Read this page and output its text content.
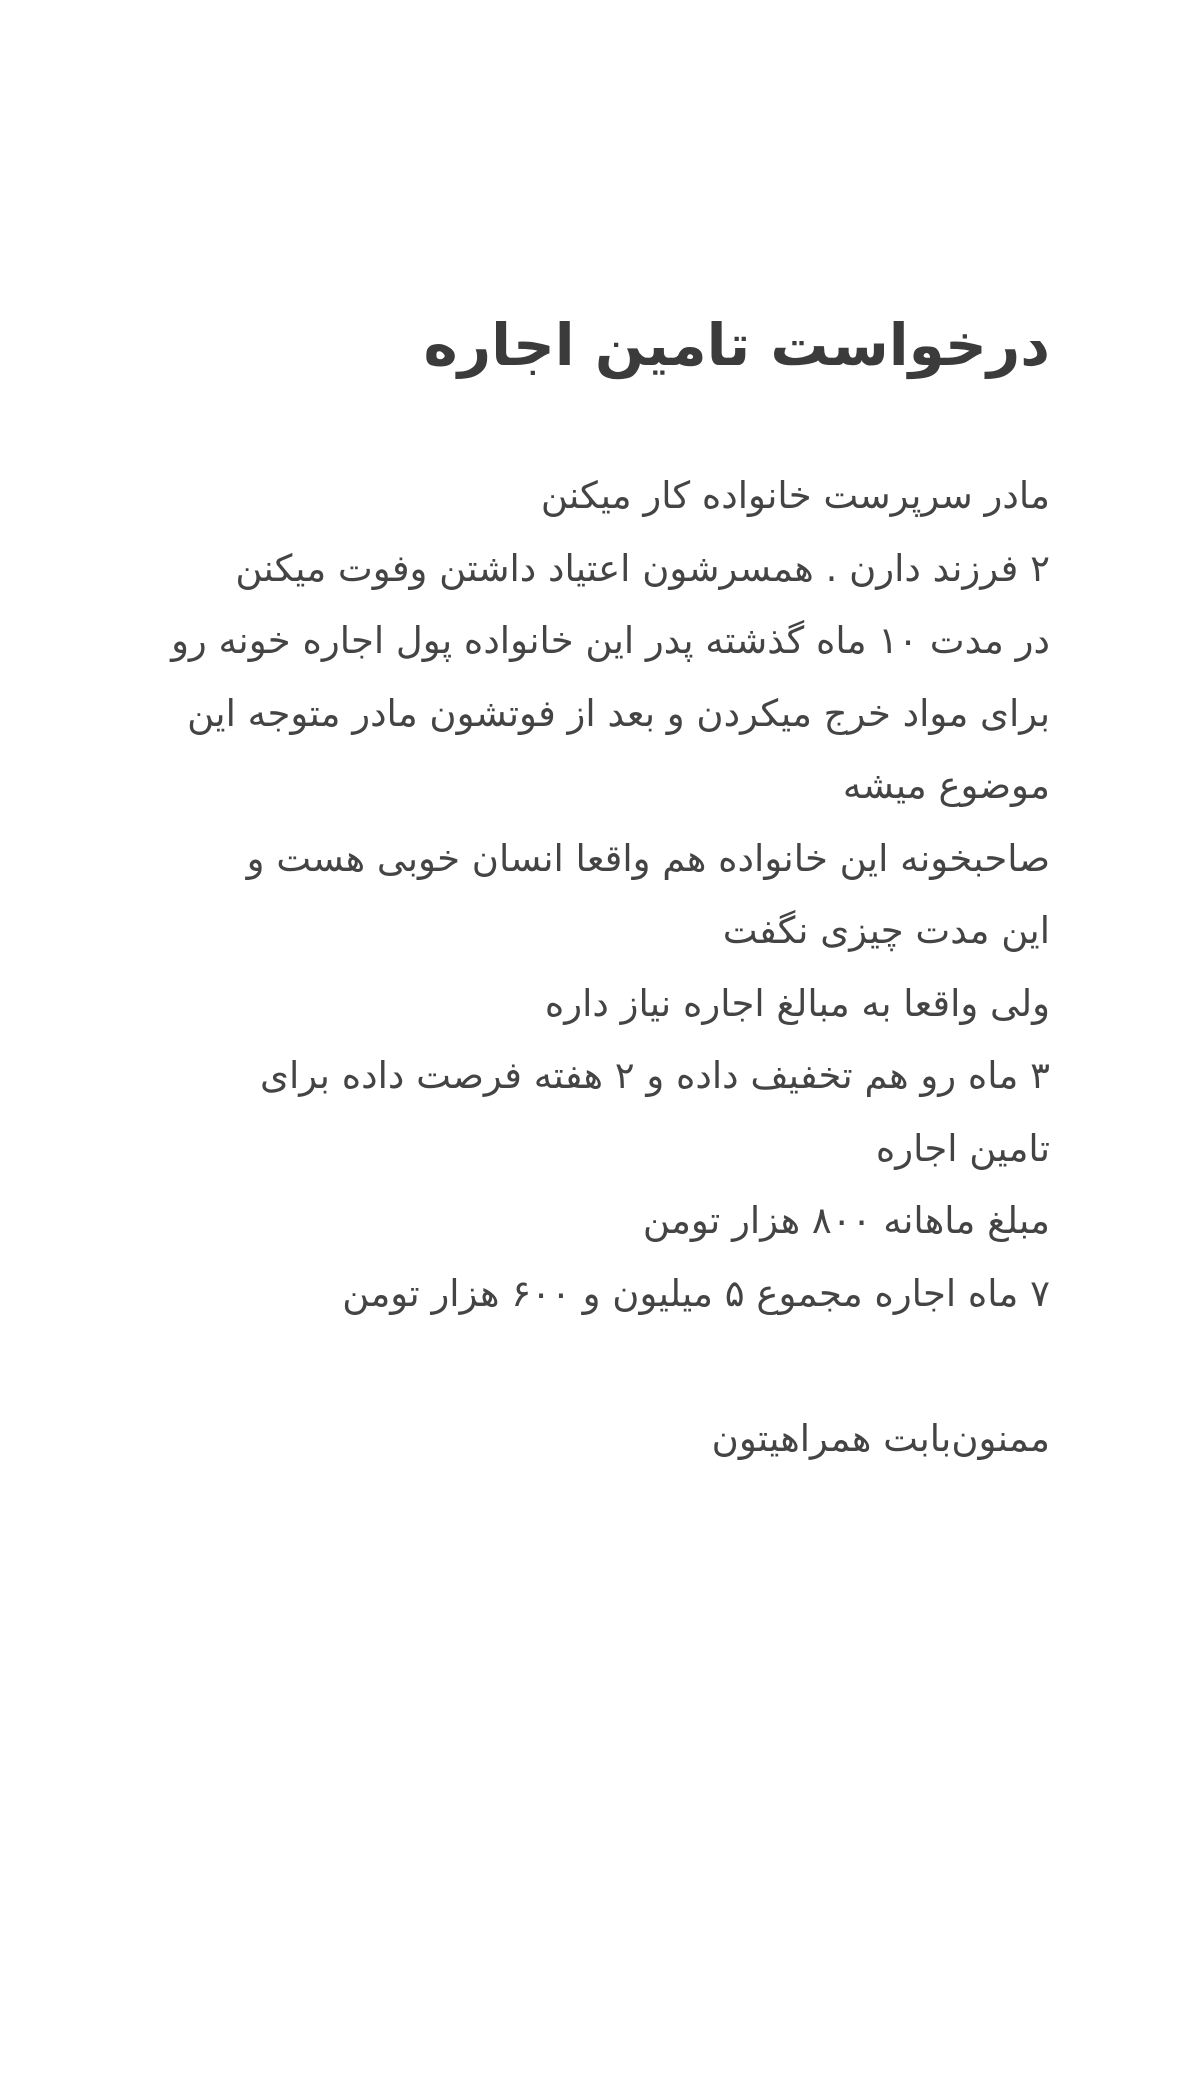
درخواست تامین اجاره
مادر سرپرست خانواده کار میکنن
۲ فرزند دارن . همسرشون اعتیاد داشتن وفوت میکنن
در مدت ۱۰ ماه گذشته پدر این خانواده پول اجاره خونه رو
برای مواد خرج میکردن و بعد از فوتشون مادر متوجه این
موضوع میشه
صاحبخونه این خانواده هم واقعا انسان خوبی هست و
این مدت چیزی نگفت
ولی واقعا به مبالغ اجاره نیاز داره
۳ ماه رو هم تخفیف داده و ۲ هفته فرصت داده برای
تامین اجاره
مبلغ ماهانه ۸۰۰ هزار تومن
۷ ماه اجاره مجموع ۵ میلیون و ۶۰۰ هزار تومن
ممنون‌بابت همراهیتون
